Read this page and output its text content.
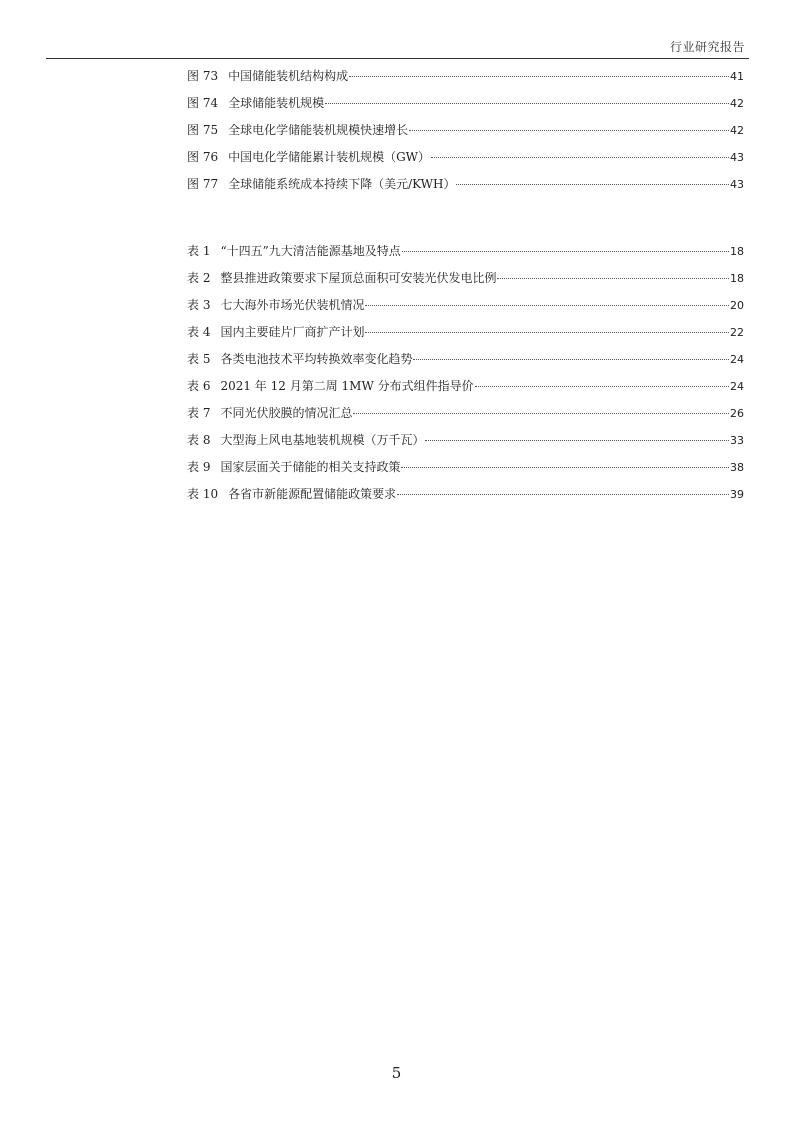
行业研究报告
图 73 中国储能装机结构构成	41
图 74 全球储能装机规模	42
图 75 全球电化学储能装机规模快速增长	42
图 76 中国电化学储能累计装机规模（GW）	43
图 77 全球储能系统成本持续下降（美元/KWH）	43
表 1 “十四五”九大清洁能源基地及特点	18
表 2 整县推进政策要求下屋顶总面积可安装光伏发电比例	18
表 3 七大海外市场光伏装机情况	20
表 4 国内主要硅片厂商扩产计划	22
表 5 各类电池技术平均转换效率变化趋势	24
表 6 2021 年 12 月第二周 1MW 分布式组件指导价	24
表 7 不同光伏胶膜的情况汇总	26
表 8 大型海上风电基地装机规模（万千瓦）	33
表 9 国家层面关于储能的相关支持政策	38
表 10 各省市新能源配置储能政策要求	39
5
